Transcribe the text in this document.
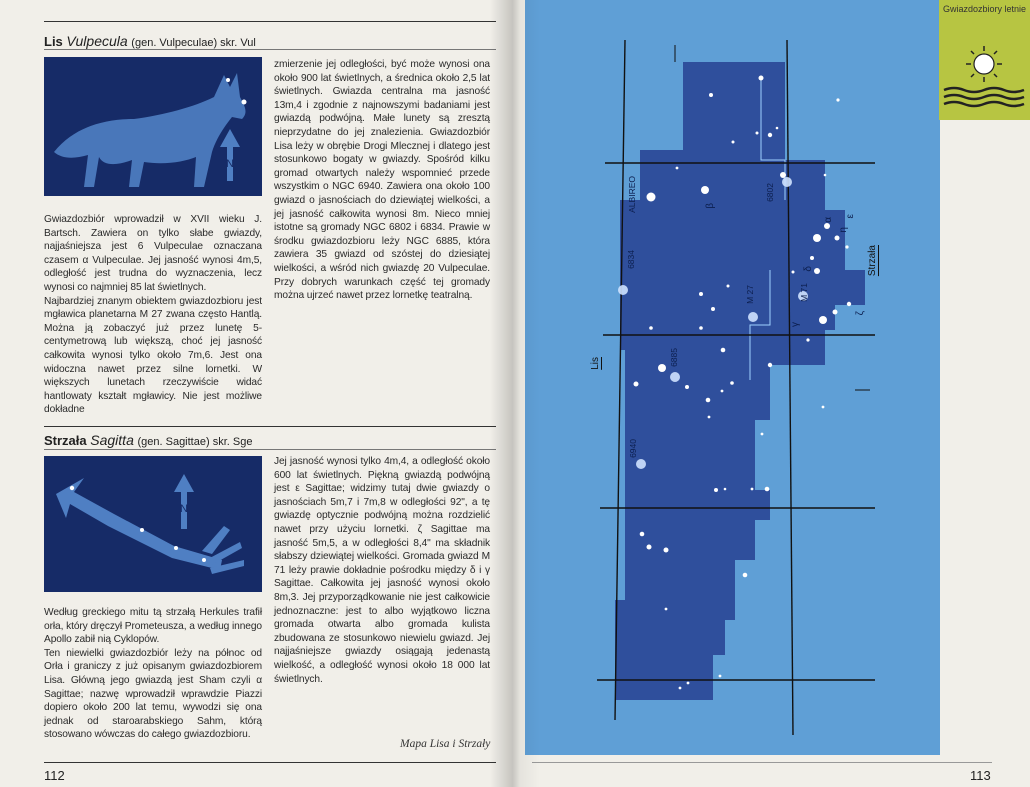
Lis Vulpecula (gen. Vulpeculae) skr. Vul
N

Gwiazdozbiór wprowadził w XVII wieku J. Bartsch. Zawiera on tylko słabe gwiazdy, najjaśniejsza jest 6 Vulpeculae oznaczana czasem α Vulpeculae. Jej jasność wynosi 4m,5, odległość jest trudna do wyznaczenia, lecz wynosi co najmniej 85 lat świetlnych.

Najbardziej znanym obiektem gwiazdozbioru jest mgławica planetarna M 27 zwana często Hantlą. Można ją zobaczyć już przez lunetę 5-centymetrową lub większą, choć jej jasność całkowita wynosi tylko około 7m,6. Jest ona widoczna nawet przez silne lornetki. W większych lunetach rzeczywiście widać hantlowaty kształt mgławicy. Nie jest możliwe dokładne

zmierzenie jej odległości, być może wynosi ona około 900 lat świetlnych, a średnica około 2,5 lat świetlnych. Gwiazda centralna ma jasność 13m,4 i zgodnie z najnowszymi badaniami jest gwiazdą podwójną. Małe lunety są zresztą nieprzydatne do jej znalezienia. Gwiazdozbiór Lisa leży w obrębie Drogi Mlecznej i dlatego jest stosunkowo bogaty w gwiazdy. Spośród kilku gromad otwartych należy wspomnieć przede wszystkim o NGC 6940. Zawiera ona około 100 gwiazd o jasnościach do dziewiątej wielkości, a jej jasność całkowita wynosi 8m. Nieco mniej istotne są gromady NGC 6802 i 6834. Prawie w środku gwiazdozbioru leży NGC 6885, która zawiera 35 gwiazd od szóstej do dziesiątej wielkości, a wśród nich gwiazdę 20 Vulpeculae. Przy dobrych warunkach część tej gromady można ujrzeć nawet przez lornetkę teatralną.

Strzała Sagitta (gen. Sagittae) skr. Sge
N

Według greckiego mitu tą strzałą Herkules trafił orła, który dręczył Prometeusza, a według innego Apollo zabił nią Cyklopów.

Ten niewielki gwiazdozbiór leży na północ od Orła i graniczy z już opisanym gwiazdozbiorem Lisa. Główną jego gwiazdą jest Sham czyli α Sagittae; nazwę wprowadził wprawdzie Piazzi dopiero około 200 lat temu, wywodzi się ona jednak od staroarabskiego Sahm, którą stosowano wówczas do całego gwiazdozbioru.

Jej jasność wynosi tylko 4m,4, a odległość około 600 lat świetlnych. Piękną gwiazdą podwójną jest ε Sagittae; widzimy tutaj dwie gwiazdy o jasnościach 5m,7 i 7m,8 w odległości 92", a tę gwiazdę optycznie podwójną można rozdzielić nawet przy użyciu lornetki. ζ Sagittae ma jasność 5m,5, a w odległości 8,4" ma składnik słabszy dziewiątej wielkości. Gromada gwiazd M 71 leży prawie dokładnie pośrodku między δ i γ Sagittae. Całkowita jej jasność wynosi około 8m,3. Jej przyporządkowanie nie jest całkowicie jednoznaczne: jest to albo wyjątkowo liczna gromada otwarta albo gromada kulista zbudowana ze stosunkowo niewielu gwiazd. Jej najjaśniejsze gwiazdy osiągają jedenastą wielkość, a odległość wynosi około 18 000 lat świetlnych.

112
ALBIREO	6802
6834
M 27	M 71
6885
6940
β
α
η
ε
δ
γ
ζ
Lis
Strzała
Mapa Lisa i Strzały
Gwiazdozbiory letnie
113
